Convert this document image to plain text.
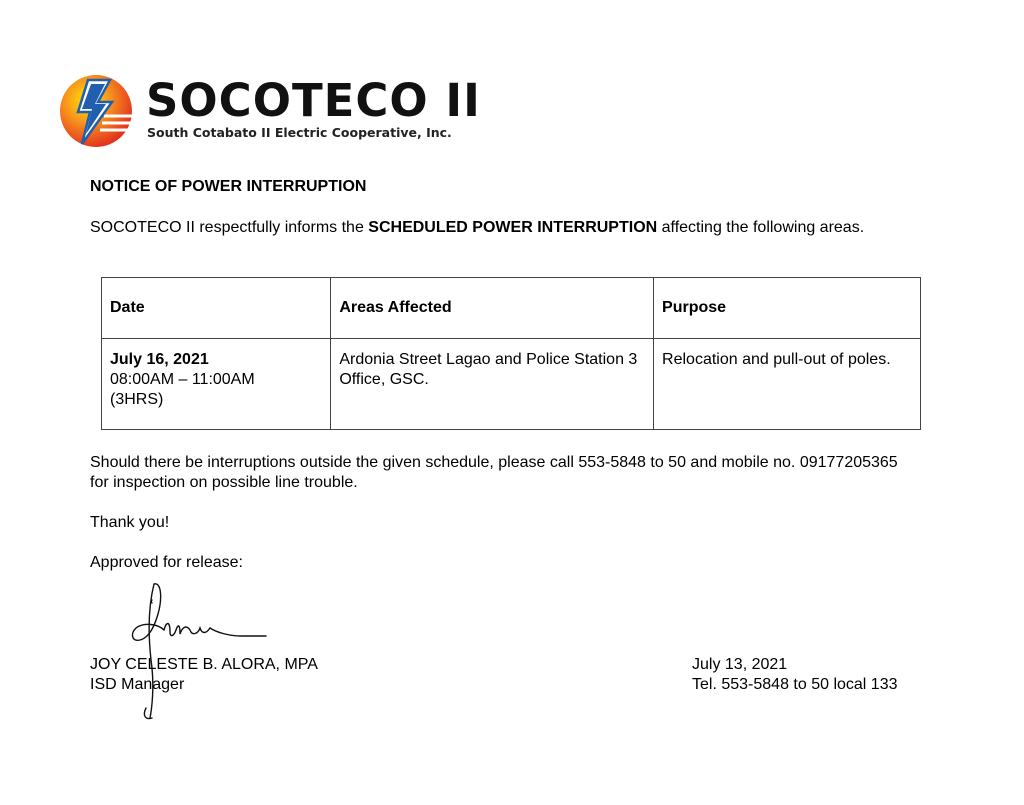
SOCOTECO II
South Cotabato II Electric Cooperative, Inc.
NOTICE OF POWER INTERRUPTION
SOCOTECO II respectfully informs the SCHEDULED POWER INTERRUPTION affecting the following areas.
Date	Areas Affected	Purpose

July 16, 2021
08:00AM – 11:00AM
(3HRS)	Ardonia Street Lagao and Police Station 3 Office, GSC.	Relocation and pull-out of poles.
Should there be interruptions outside the given schedule, please call 553-5848 to 50 and mobile no. 09177205365 for inspection on possible line trouble.
Thank you!
Approved for release:
JOY CELESTE B. ALORA, MPA
ISD Manager
July 13, 2021
Tel. 553-5848 to 50 local 133
